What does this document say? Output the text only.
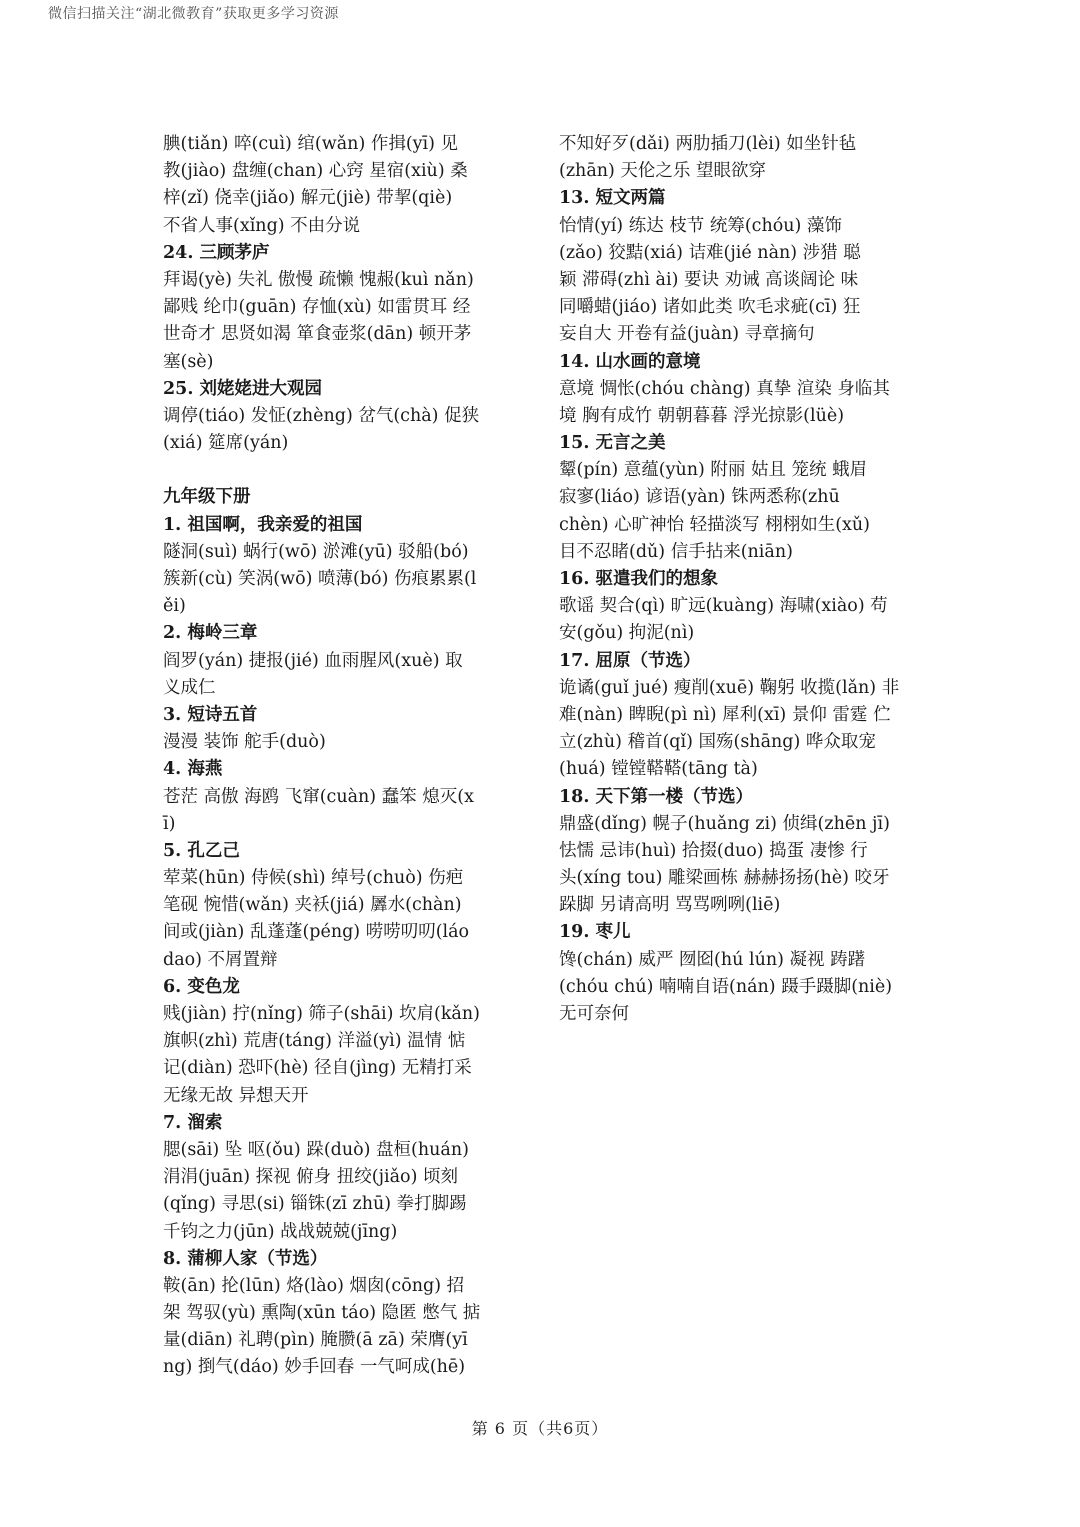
微信扫描关注“湖北微教育”获取更多学习资源
腆(tiǎn) 啐(cuì) 绾(wǎn) 作揖(yī) 见
教(jiào) 盘缠(chan) 心窍 星宿(xiù) 桑
梓(zǐ) 侥幸(jiǎo) 解元(jiè) 带挈(qiè)
不省人事(xǐng) 不由分说
24. 三顾茅庐
拜谒(yè) 失礼 傲慢 疏懒 愧赧(kuì nǎn)
鄙贱 纶巾(guān) 存恤(xù) 如雷贯耳 经
世奇才 思贤如渴 箪食壶浆(dān) 顿开茅
塞(sè)
25. 刘姥姥进大观园
调停(tiáo) 发怔(zhèng) 岔气(chà) 促狭
(xiá) 筵席(yán)
九年级下册
1. 祖国啊，我亲爱的祖国
隧洞(suì) 蜗行(wō) 淤滩(yū) 驳船(bó)
簇新(cù) 笑涡(wō) 喷薄(bó) 伤痕累累(l
ěi)
2. 梅岭三章
阎罗(yán) 捷报(jié) 血雨腥风(xuè) 取
义成仁
3. 短诗五首
漫漫 装饰 舵手(duò)
4. 海燕
苍茫 高傲 海鸥 飞窜(cuàn) 蠢笨 熄灭(x
ī)
5. 孔乙己
荤菜(hūn) 侍候(shì) 绰号(chuò) 伤疤
笔砚 惋惜(wǎn) 夹袄(jiá) 羼水(chàn)
间或(jiàn) 乱蓬蓬(péng) 唠唠叨叨(láo
dao) 不屑置辩
6. 变色龙
贱(jiàn) 拧(nǐng) 筛子(shāi) 坎肩(kǎn)
旗帜(zhì) 荒唐(táng) 洋溢(yì) 温情 惦
记(diàn) 恐吓(hè) 径自(jìng) 无精打采
无缘无故 异想天开
7. 溜索
腮(sāi) 坠 呕(ǒu) 跺(duò) 盘桓(huán)
涓涓(juān) 探视 俯身 扭绞(jiǎo) 顷刻
(qǐng) 寻思(si) 锱铢(zī zhū) 拳打脚踢
千钧之力(jūn) 战战兢兢(jīng)
8. 蒲柳人家（节选）
鞍(ān) 抡(lūn) 烙(lào) 烟囱(cōng) 招
架 驾驭(yù) 熏陶(xūn táo) 隐匿 憋气 掂
量(diān) 礼聘(pìn) 腌臜(ā zā) 荣膺(yī
ng) 捯气(dáo) 妙手回春 一气呵成(hē)
不知好歹(dǎi) 两肋插刀(lèi) 如坐针毡
(zhān) 天伦之乐 望眼欲穿
13. 短文两篇
怡情(yí) 练达 枝节 统筹(chóu) 藻饰
(zǎo) 狡黠(xiá) 诘难(jié nàn) 涉猎 聪
颖 滞碍(zhì ài) 要诀 劝诫 高谈阔论 味
同嚼蜡(jiáo) 诸如此类 吹毛求疵(cī) 狂
妄自大 开卷有益(juàn) 寻章摘句
14. 山水画的意境
意境 惆怅(chóu chàng) 真挚 渲染 身临其
境 胸有成竹 朝朝暮暮 浮光掠影(lüè)
15. 无言之美
颦(pín) 意蕴(yùn) 附丽 姑且 笼统 蛾眉
寂寥(liáo) 谚语(yàn) 铢两悉称(zhū
chèn) 心旷神怡 轻描淡写 栩栩如生(xǔ)
目不忍睹(dǔ) 信手拈来(niān)
16. 驱遣我们的想象
歌谣 契合(qì) 旷远(kuàng) 海啸(xiào) 苟
安(gǒu) 拘泥(nì)
17. 屈原（节选）
诡谲(guǐ jué) 瘦削(xuē) 鞠躬 收揽(lǎn) 非
难(nàn) 睥睨(pì nì) 犀利(xī) 景仰 雷霆 伫
立(zhù) 稽首(qǐ) 国殇(shāng) 哗众取宠
(huá) 镗镗鞳鞳(tāng tà)
18. 天下第一楼（节选）
鼎盛(dǐng) 幌子(huǎng zi) 侦缉(zhēn jī)
怯懦 忌讳(huì) 拾掇(duo) 捣蛋 凄惨 行
头(xíng tou) 雕梁画栋 赫赫扬扬(hè) 咬牙
跺脚 另请高明 骂骂咧咧(liē)
19. 枣儿
馋(chán) 威严 囫囵(hú lún) 凝视 踌躇
(chóu chú) 喃喃自语(nán) 蹑手蹑脚(niè)
无可奈何
第 6 页（共6页）
